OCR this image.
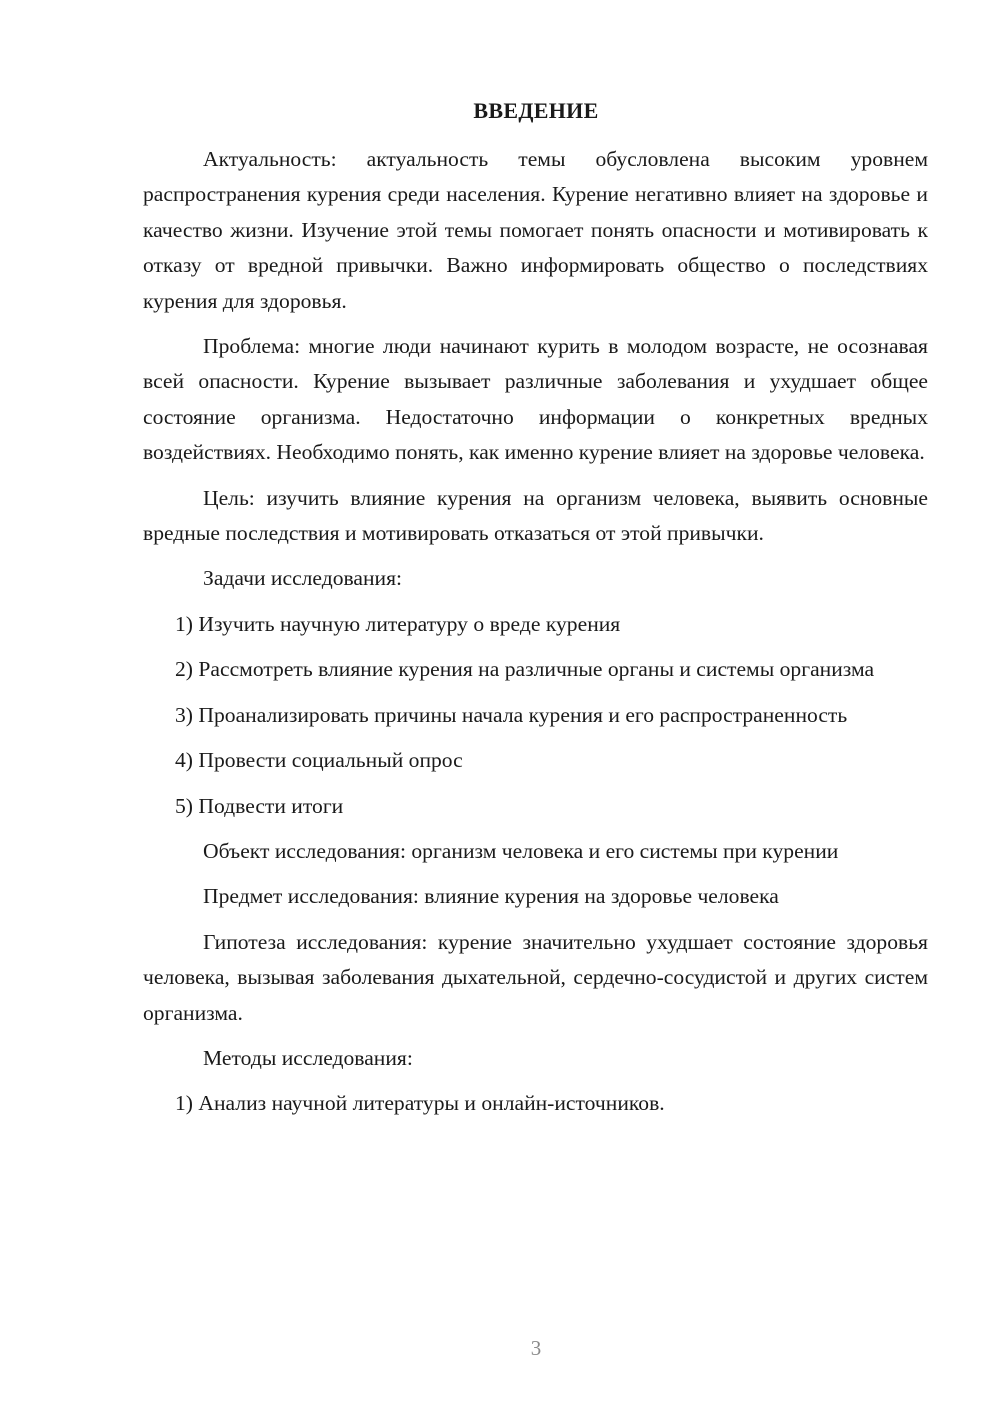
ВВЕДЕНИЕ

Актуальность: актуальность темы обусловлена высоким уровнем распространения курения среди населения. Курение негативно влияет на здоровье и качество жизни. Изучение этой темы помогает понять опасности и мотивировать к отказу от вредной привычки. Важно информировать общество о последствиях курения для здоровья.

Проблема: многие люди начинают курить в молодом возрасте, не осознавая всей опасности. Курение вызывает различные заболевания и ухудшает общее состояние организма. Недостаточно информации о конкретных вредных воздействиях. Необходимо понять, как именно курение влияет на здоровье человека.

Цель: изучить влияние курения на организм человека, выявить основные вредные последствия и мотивировать отказаться от этой привычки.

Задачи исследования:

1) Изучить научную литературу о вреде курения

2) Рассмотреть влияние курения на различные органы и системы организма

3) Проанализировать причины начала курения и его распространенность

4) Провести социальный опрос

5) Подвести итоги

Объект исследования: организм человека и его системы при курении

Предмет исследования: влияние курения на здоровье человека

Гипотеза исследования: курение значительно ухудшает состояние здоровья человека, вызывая заболевания дыхательной, сердечно-сосудистой и других систем организма.

Методы исследования:

1) Анализ научной литературы и онлайн-источников.

3
